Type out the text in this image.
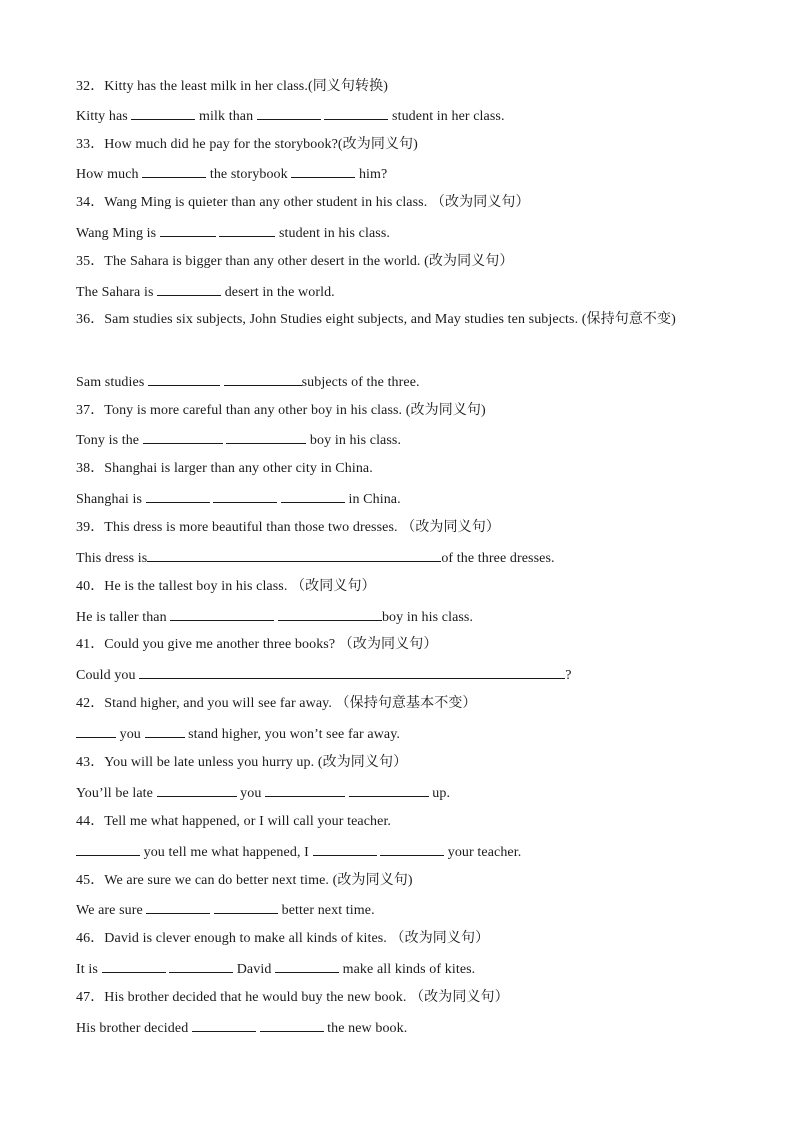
32．Kitty has the least milk in her class.(同义句转换)
Kitty has	milk than	student in her class.
33．How much did he pay for the storybook?(改为同义句)
How much	the storybook	him?
34．Wang Ming is quieter than any other student in his class. （改为同义句）
Wang Ming is	student in his class.
35．The Sahara is bigger than any other desert in the world. (改为同义句）
The Sahara is	desert in the world.
36．Sam studies six subjects, John Studies eight subjects, and May studies ten subjects. (保持句意不变)
Sam studies	subjects of the three.
37．Tony is more careful than any other boy in his class. (改为同义句)
Tony is the	boy in his class.
38．Shanghai is larger than any other city in China.
Shanghai is	in China.
39．This dress is more beautiful than those two dresses. （改为同义句）
This dress is	of the three dresses.
40．He is the tallest boy in his class. （改同义句）
He is taller than	boy in his class.
41．Could you give me another three books? （改为同义句）
Could you	?
42．Stand higher, and you will see far away. （保持句意基本不变）
you	stand higher, you won’t see far away.
43．You will be late unless you hurry up. (改为同义句）
You’ll be late	you	up.
44．Tell me what happened, or I will call your teacher.
you tell me what happened, I	your teacher.
45．We are sure we can do better next time. (改为同义句)
We are sure	better next time.
46．David is clever enough to make all kinds of kites. （改为同义句）
It is	David	make all kinds of kites.
47．His brother decided that he would buy the new book. （改为同义句）
His brother decided	the new book.
